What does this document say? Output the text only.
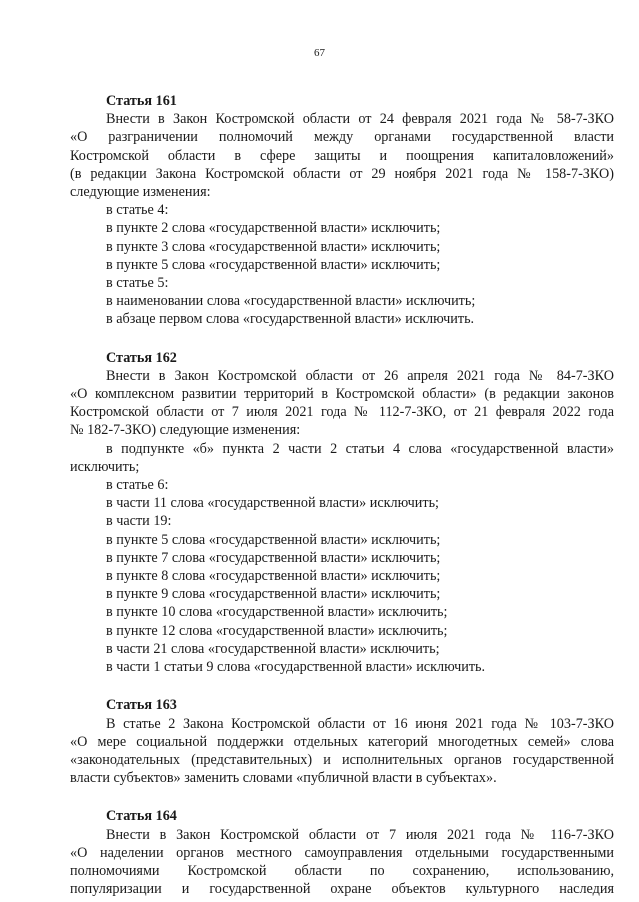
67

Статья 161

Внести в Закон Костромской области от 24 февраля 2021 года № 58-7-ЗКО

«О разграничении полномочий между органами государственной власти

Костромской области в сфере защиты и поощрения капиталовложений»

(в редакции Закона Костромской области от 29 ноября 2021 года № 158-7-ЗКО)

следующие изменения:

в статье 4:

в пункте 2 слова «государственной власти» исключить;

в пункте 3 слова «государственной власти» исключить;

в пункте 5 слова «государственной власти» исключить;

в статье 5:

в наименовании слова «государственной власти» исключить;

в абзаце первом слова «государственной власти» исключить.

Статья 162

Внести в Закон Костромской области от 26 апреля 2021 года № 84-7-ЗКО

«О комплексном развитии территорий в Костромской области» (в редакции законов

Костромской области от 7 июля 2021 года № 112-7-ЗКО, от 21 февраля 2022 года

№ 182-7-ЗКО) следующие изменения:

в подпункте «б» пункта 2 части 2 статьи 4 слова «государственной власти»

исключить;

в статье 6:

в части 11 слова «государственной власти» исключить;

в части 19:

в пункте 5 слова «государственной власти» исключить;

в пункте 7 слова «государственной власти» исключить;

в пункте 8 слова «государственной власти» исключить;

в пункте 9 слова «государственной власти» исключить;

в пункте 10 слова «государственной власти» исключить;

в пункте 12 слова «государственной власти» исключить;

в части 21 слова «государственной власти» исключить;

в части 1 статьи 9 слова «государственной власти» исключить.

Статья 163

В статье 2 Закона Костромской области от 16 июня 2021 года № 103-7-ЗКО

«О мере социальной поддержки отдельных категорий многодетных семей» слова

«законодательных (представительных) и исполнительных органов государственной

власти субъектов» заменить словами «публичной власти в субъектах».

Статья 164

Внести в Закон Костромской области от 7 июля 2021 года № 116-7-ЗКО

«О наделении органов местного самоуправления отдельными государственными

полномочиями Костромской области по сохранению, использованию,

популяризации и государственной охране объектов культурного наследия
